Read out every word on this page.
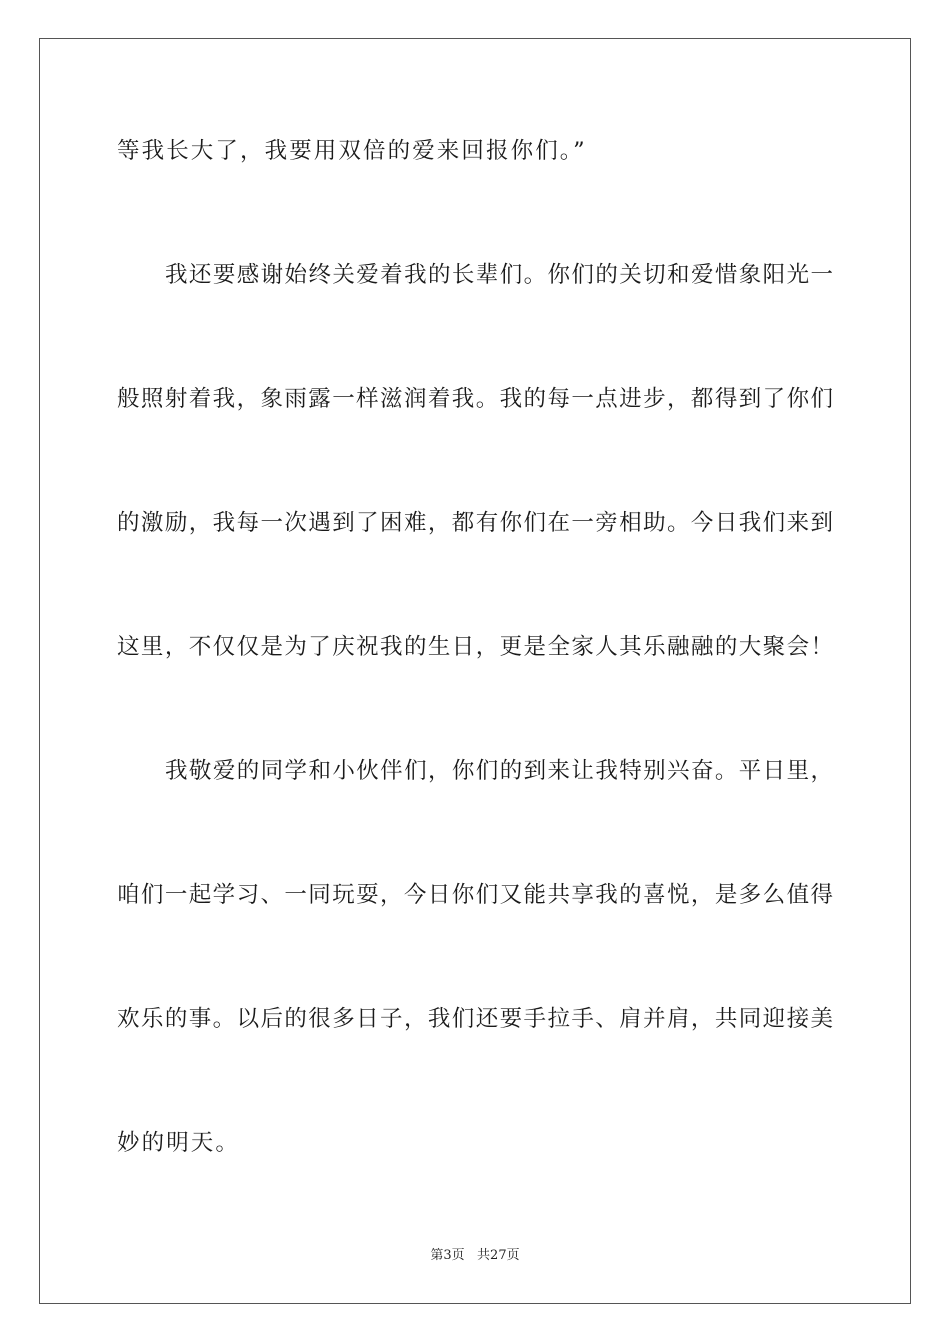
等我长大了，我要用双倍的爱来回报你们。”
我还要感谢始终关爱着我的长辈们。你们的关切和爱惜象阳光一
般照射着我，象雨露一样滋润着我。我的每一点进步，都得到了你们
的激励，我每一次遇到了困难，都有你们在一旁相助。今日我们来到
这里，不仅仅是为了庆祝我的生日，更是全家人其乐融融的大聚会！
我敬爱的同学和小伙伴们，你们的到来让我特别兴奋。平日里，
咱们一起学习、一同玩耍，今日你们又能共享我的喜悦，是多么值得
欢乐的事。以后的很多日子，我们还要手拉手、肩并肩，共同迎接美
妙的明天。
第3页   共27页
